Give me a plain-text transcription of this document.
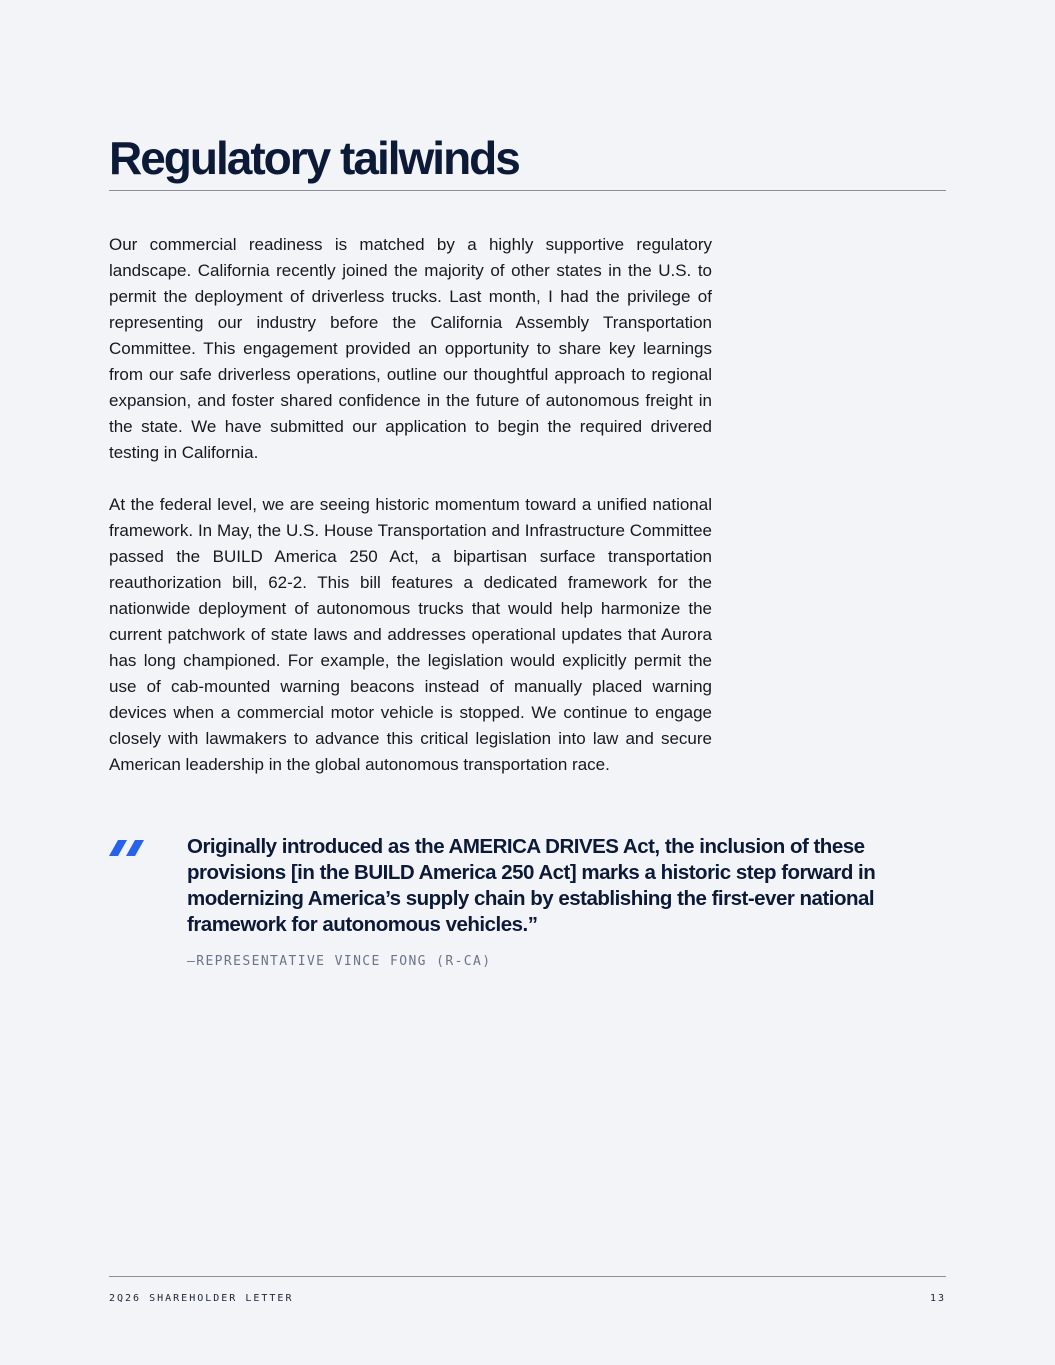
Regulatory tailwinds

Our commercial readiness is matched by a highly supportive regulatory landscape. California recently joined the majority of other states in the U.S. to permit the deployment of driverless trucks. Last month, I had the privilege of representing our industry before the California Assembly Transportation Committee. This engagement provided an opportunity to share key learnings from our safe driverless operations, outline our thoughtful approach to regional expansion, and foster shared confidence in the future of autonomous freight in the state. We have submitted our application to begin the required drivered testing in California.

At the federal level, we are seeing historic momentum toward a unified national framework. In May, the U.S. House Transportation and Infrastructure Committee passed the BUILD America 250 Act, a bipartisan surface transportation reauthorization bill, 62-2. This bill features a dedicated framework for the nationwide deployment of autonomous trucks that would help harmonize the current patchwork of state laws and addresses operational updates that Aurora has long championed. For example, the legislation would explicitly permit the use of cab-mounted warning beacons instead of manually placed warning devices when a commercial motor vehicle is stopped. We continue to engage closely with lawmakers to advance this critical legislation into law and secure American leadership in the global autonomous transportation race.

Originally introduced as the AMERICA DRIVES Act, the inclusion of these provisions [in the BUILD America 250 Act] marks a historic step forward in modernizing America’s supply chain by establishing the first-ever national framework for autonomous vehicles.”
—REPRESENTATIVE VINCE FONG (R-CA)
2Q26 SHAREHOLDER LETTER	13
